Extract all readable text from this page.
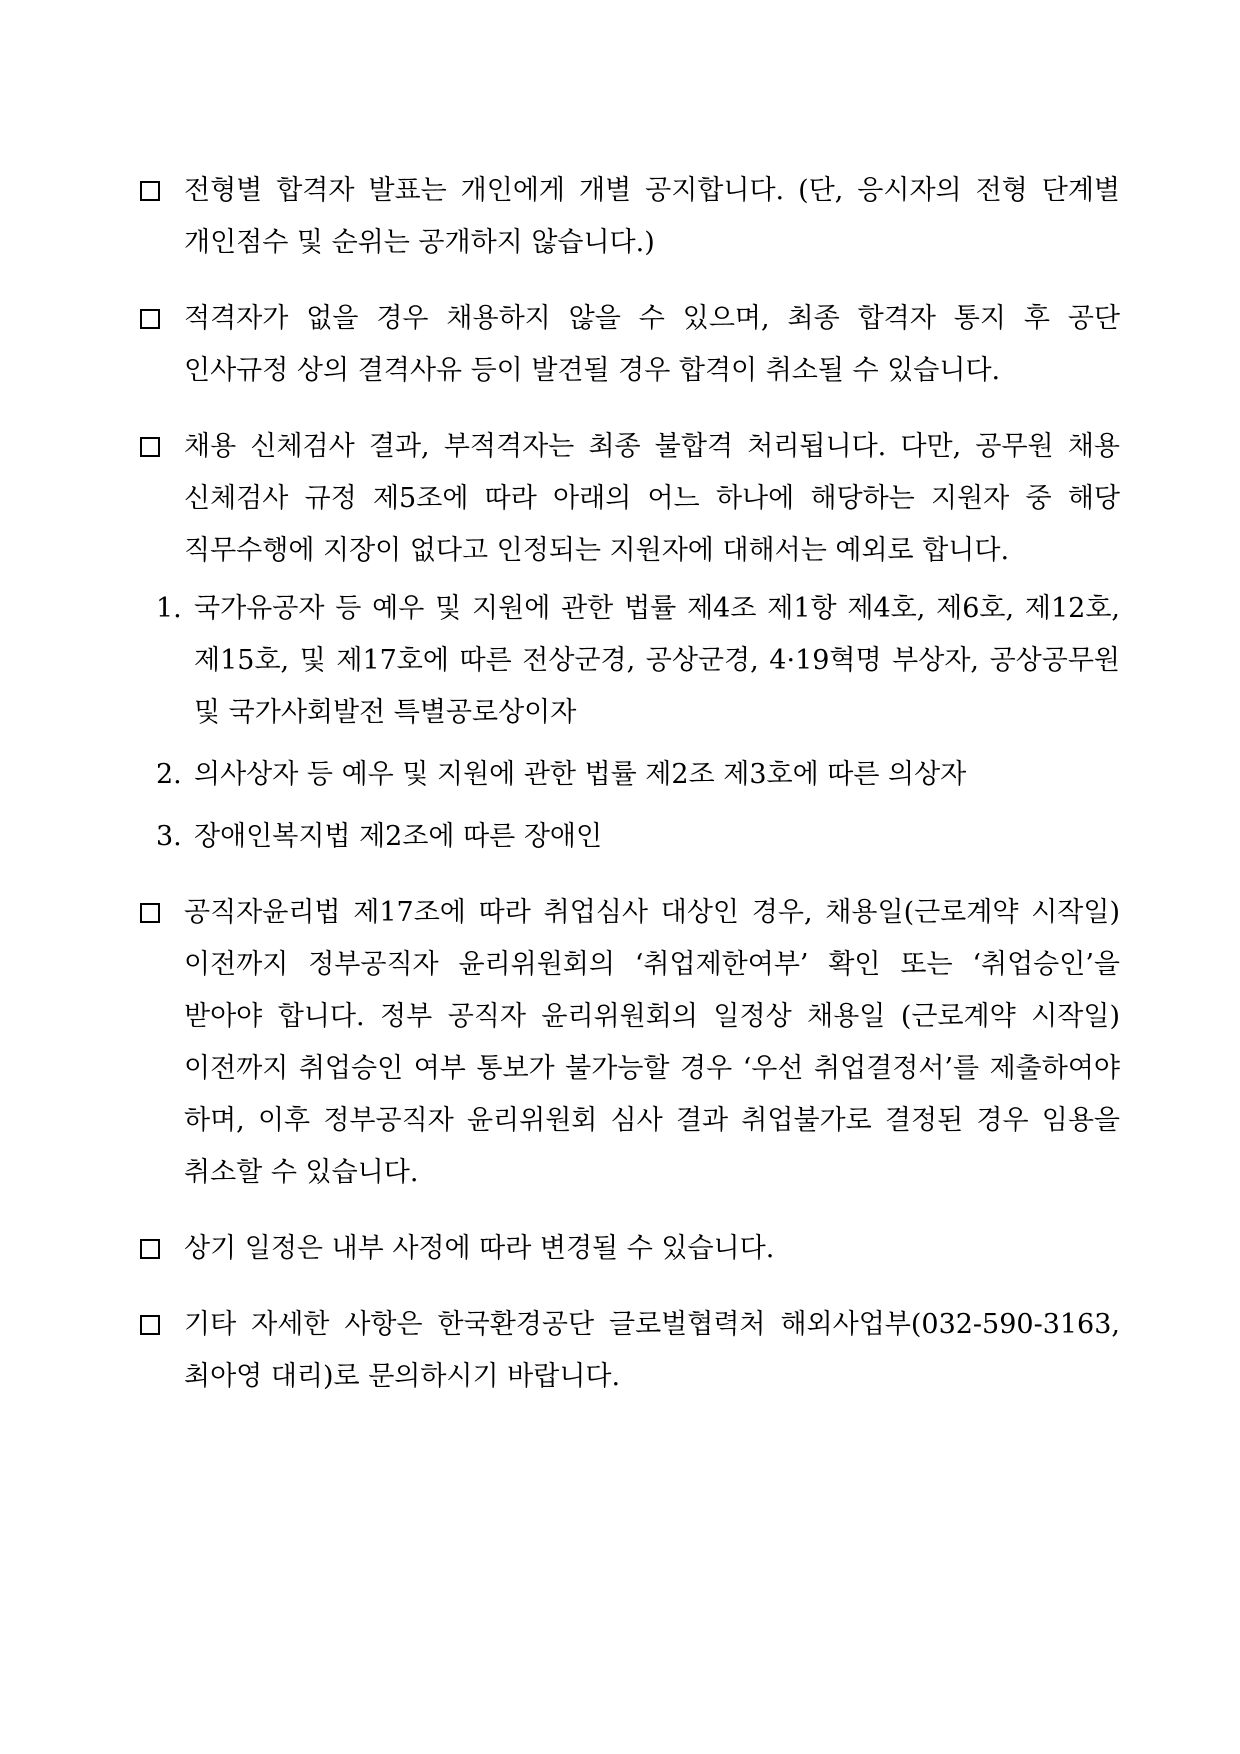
전형별 합격자 발표는 개인에게 개별 공지합니다. (단, 응시자의 전형 단계별 개인점수 및 순위는 공개하지 않습니다.)
적격자가 없을 경우 채용하지 않을 수 있으며, 최종 합격자 통지 후 공단 인사규정 상의 결격사유 등이 발견될 경우 합격이 취소될 수 있습니다.
채용 신체검사 결과, 부적격자는 최종 불합격 처리됩니다. 다만, 공무원 채용 신체검사 규정 제5조에 따라 아래의 어느 하나에 해당하는 지원자 중 해당 직무수행에 지장이 없다고 인정되는 지원자에 대해서는 예외로 합니다.
1. 국가유공자 등 예우 및 지원에 관한 법률 제4조 제1항 제4호, 제6호, 제12호,제15호, 및 제17호에 따른 전상군경, 공상군경, 4·19혁명 부상자, 공상공무원 및 국가사회발전 특별공로상이자
2. 의사상자 등 예우 및 지원에 관한 법률 제2조 제3호에 따른 의상자
3. 장애인복지법 제2조에 따른 장애인
공직자윤리법 제17조에 따라 취업심사 대상인 경우, 채용일(근로계약 시작일) 이전까지 정부공직자 윤리위원회의 ‘취업제한여부’ 확인 또는 ‘취업승인’을 받아야 합니다. 정부 공직자 윤리위원회의 일정상 채용일 (근로계약 시작일) 이전까지 취업승인 여부 통보가 불가능할 경우 ‘우선 취업결정서’를 제출하여야 하며, 이후 정부공직자 윤리위원회 심사 결과 취업불가로 결정된 경우 임용을 취소할 수 있습니다.
상기 일정은 내부 사정에 따라 변경될 수 있습니다.
기타 자세한 사항은 한국환경공단 글로벌협력처 해외사업부(032-590-3163, 최아영 대리)로 문의하시기 바랍니다.
